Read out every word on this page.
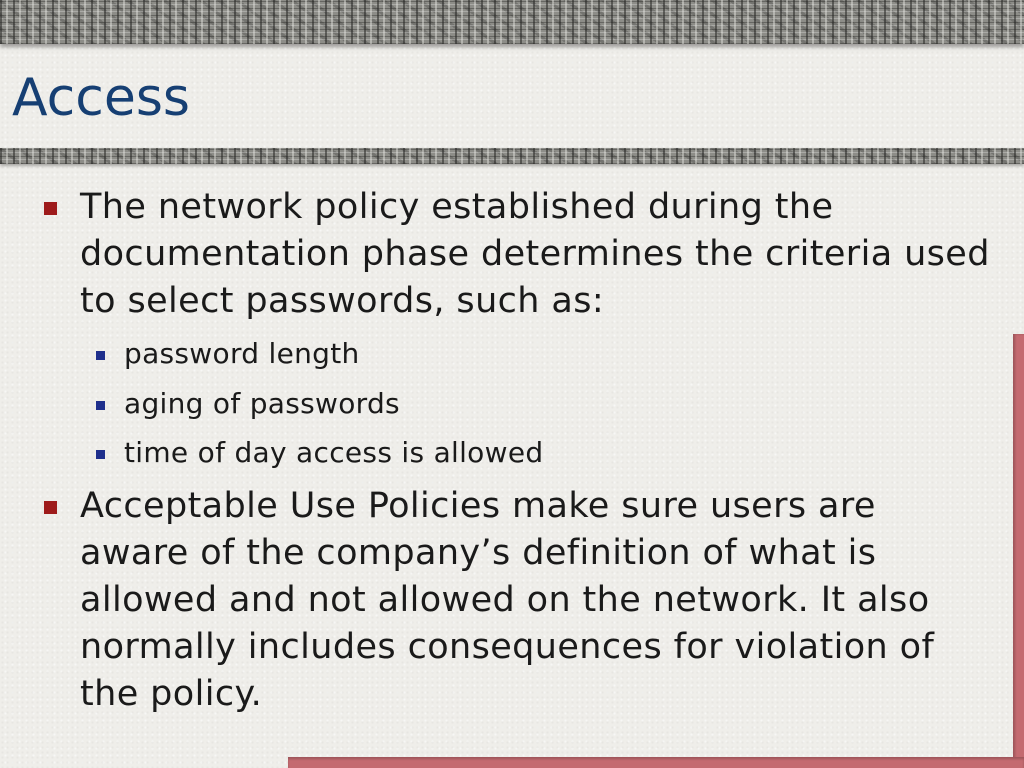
Access

The network policy established during the documentation phase determines the criteria used to select passwords, such as:

password length

aging of passwords

time of day access is allowed

Acceptable Use Policies make sure users are aware of the company’s definition of what is allowed and not allowed on the network. It also normally includes consequences for violation of the policy.
